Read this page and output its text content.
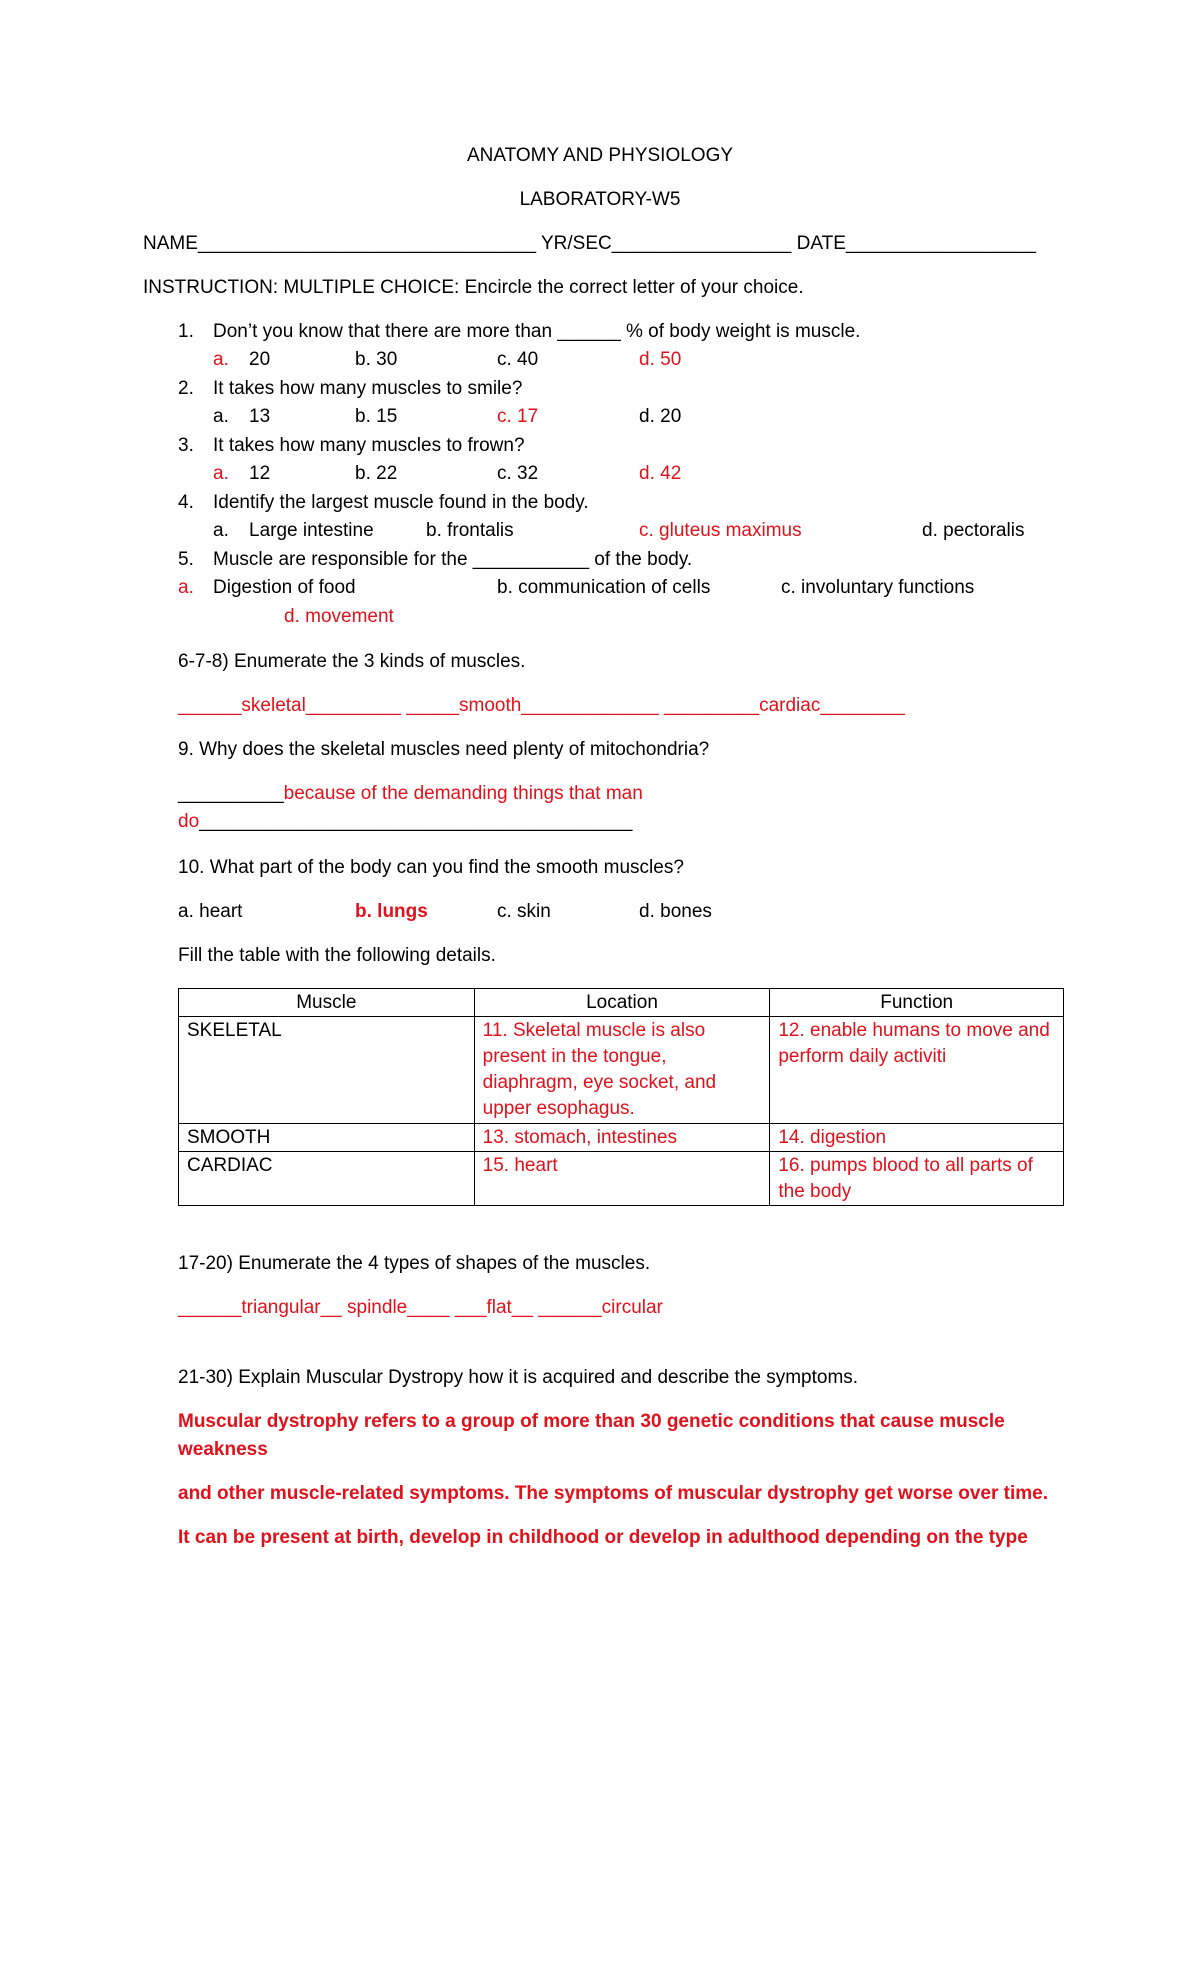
ANATOMY AND PHYSIOLOGY
LABORATORY-W5
NAME________________________________ YR/SEC_________________ DATE__________________
INSTRUCTION: MULTIPLE CHOICE: Encircle the correct letter of your choice.
1. Don’t you know that there are more than ______ % of body weight is muscle.
a. 20	b. 30	c. 40	d. 50
2. It takes how many muscles to smile?
a. 13	b. 15	c. 17	d. 20
3. It takes how many muscles to frown?
a. 12	b. 22	c. 32	d. 42
4. Identify the largest muscle found in the body.
a. Large intestine	b. frontalis	c. gluteus maximus	d. pectoralis
5. Muscle are responsible for the ___________ of the body.
a. Digestion of food	b. communication of cells	c. involuntary functions
d. movement
6-7-8) Enumerate the 3 kinds of muscles.
______skeletal_________ _____smooth_____________ _________cardiac________
9. Why does the skeletal muscles need plenty of mitochondria?
__________because of the demanding things that man
do_________________________________________
10. What part of the body can you find the smooth muscles?
a. heart	b. lungs	c. skin	d. bones
Fill the table with the following details.
Muscle	Location	Function
SKELETAL	11. Skeletal muscle is also present in the tongue, diaphragm, eye socket, and upper esophagus.	12. enable humans to move and perform daily activiti
SMOOTH	13. stomach, intestines	14. digestion
CARDIAC	15. heart	16. pumps blood to all parts of the body
17-20) Enumerate the 4 types of shapes of the muscles.
______triangular__ spindle____ ___flat__ ______circular
21-30) Explain Muscular Dystropy how it is acquired and describe the symptoms.
Muscular dystrophy refers to a group of more than 30 genetic conditions that cause muscle
weakness
and other muscle-related symptoms. The symptoms of muscular dystrophy get worse over time.
It can be present at birth, develop in childhood or develop in adulthood depending on the type
